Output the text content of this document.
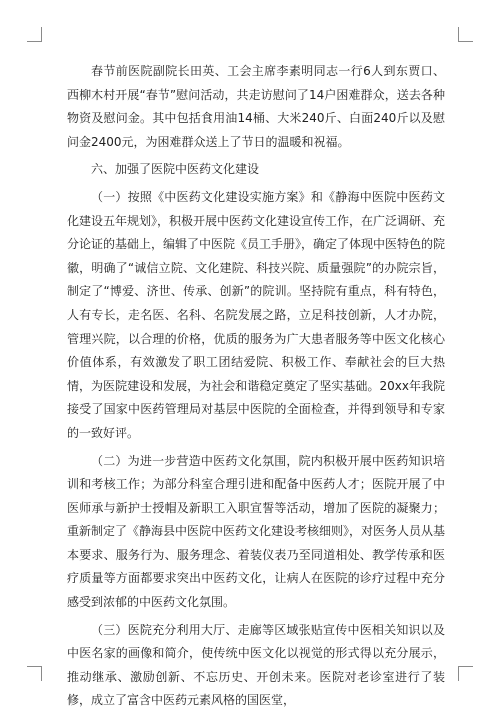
春节前医院副院长田英、工会主席李素明同志一行6人到东贾口、西柳木村开展“春节”慰问活动，共走访慰问了14户困难群众，送去各种物资及慰问金。其中包括食用油14桶、大米240斤、白面240斤以及慰问金2400元，为困难群众送上了节日的温暖和祝福。

六、加强了医院中医药文化建设

（一）按照《中医药文化建设实施方案》和《静海中医院中医药文化建设五年规划》，积极开展中医药文化建设宣传工作，在广泛调研、充分论证的基础上，编辑了中医院《员工手册》，确定了体现中医特色的院徽，明确了“诚信立院、文化建院、科技兴院、质量强院”的办院宗旨，制定了“博爱、济世、传承、创新”的院训。坚持院有重点，科有特色，人有专长，走名医、名科、名院发展之路，立足科技创新，人才办院，管理兴院，以合理的价格，优质的服务为广大患者服务等中医文化核心价值体系，有效激发了职工团结爱院、积极工作、奉献社会的巨大热情，为医院建设和发展，为社会和谐稳定奠定了坚实基础。20xx年我院接受了国家中医药管理局对基层中医院的全面检查，并得到领导和专家的一致好评。

（二）为进一步营造中医药文化氛围，院内积极开展中医药知识培训和考核工作；为部分科室合理引进和配备中医药人才；医院开展了中医师承与新护士授帽及新职工入职宣誓等活动，增加了医院的凝聚力；重新制定了《静海县中医院中医药文化建设考核细则》，对医务人员从基本要求、服务行为、服务理念、着装仪表乃至同道相处、教学传承和医疗质量等方面都要求突出中医药文化，让病人在医院的诊疗过程中充分感受到浓郁的中医药文化氛围。

（三）医院充分利用大厅、走廊等区域张贴宣传中医相关知识以及中医名家的画像和简介，使传统中医文化以视觉的形式得以充分展示，推动继承、激励创新、不忘历史、开创未来。医院对老诊室进行了装修，成立了富含中医药元素风格的国医堂，
